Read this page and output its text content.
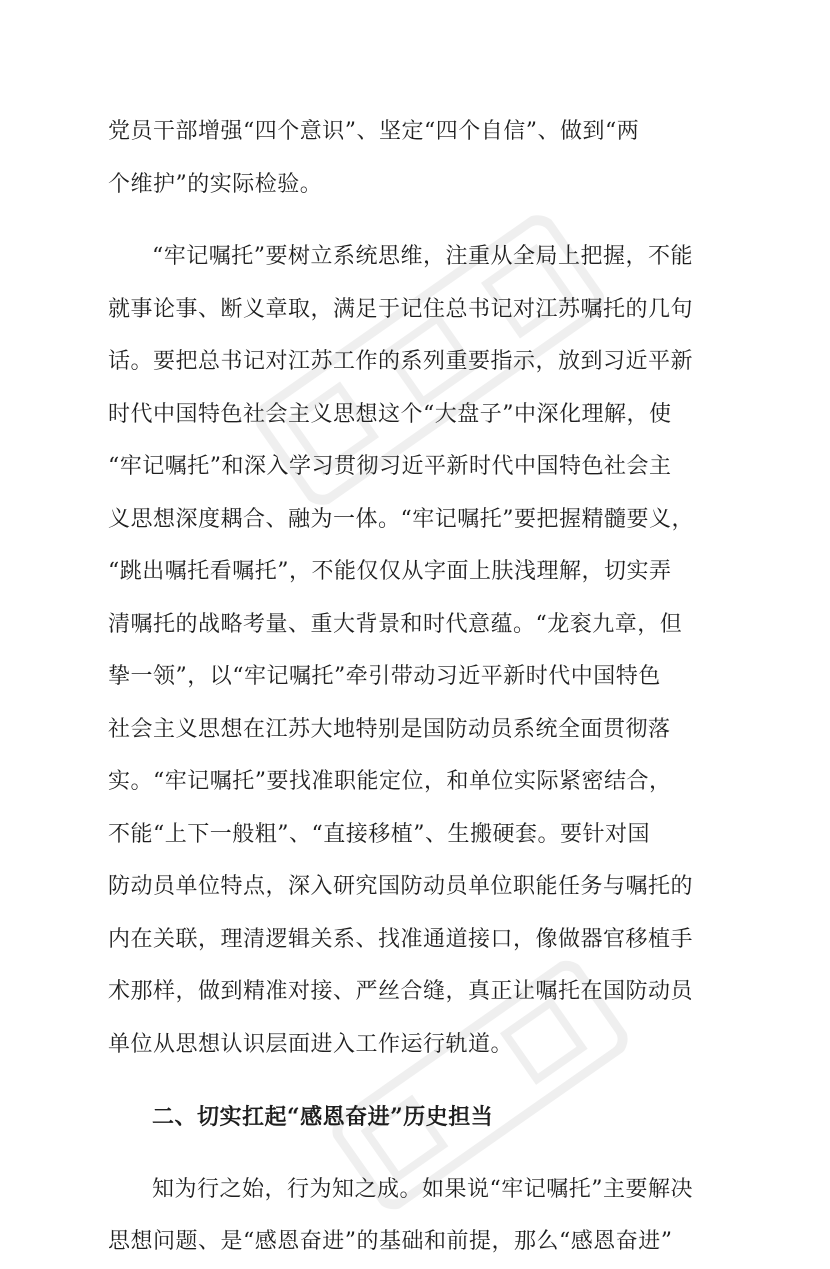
党员干部增强“四个意识”、坚定“四个自信”、做到“两
个维护”的实际检验。
“牢记嘱托”要树立系统思维，注重从全局上把握，不能
就事论事、断义章取，满足于记住总书记对江苏嘱托的几句
话。要把总书记对江苏工作的系列重要指示，放到习近平新
时代中国特色社会主义思想这个“大盘子”中深化理解，使
“牢记嘱托”和深入学习贯彻习近平新时代中国特色社会主
义思想深度耦合、融为一体。“牢记嘱托”要把握精髓要义，
“跳出嘱托看嘱托”，不能仅仅从字面上肤浅理解，切实弄
清嘱托的战略考量、重大背景和时代意蕴。“龙衮九章，但
挚一领”，以“牢记嘱托”牵引带动习近平新时代中国特色
社会主义思想在江苏大地特别是国防动员系统全面贯彻落
实。“牢记嘱托”要找准职能定位，和单位实际紧密结合，
不能“上下一般粗”、“直接移植”、生搬硬套。要针对国
防动员单位特点，深入研究国防动员单位职能任务与嘱托的
内在关联，理清逻辑关系、找准通道接口，像做器官移植手
术那样，做到精准对接、严丝合缝，真正让嘱托在国防动员
单位从思想认识层面进入工作运行轨道。
二、切实扛起“感恩奋进”历史担当
知为行之始，行为知之成。如果说“牢记嘱托”主要解决
思想问题、是“感恩奋进”的基础和前提，那么“感恩奋进”
